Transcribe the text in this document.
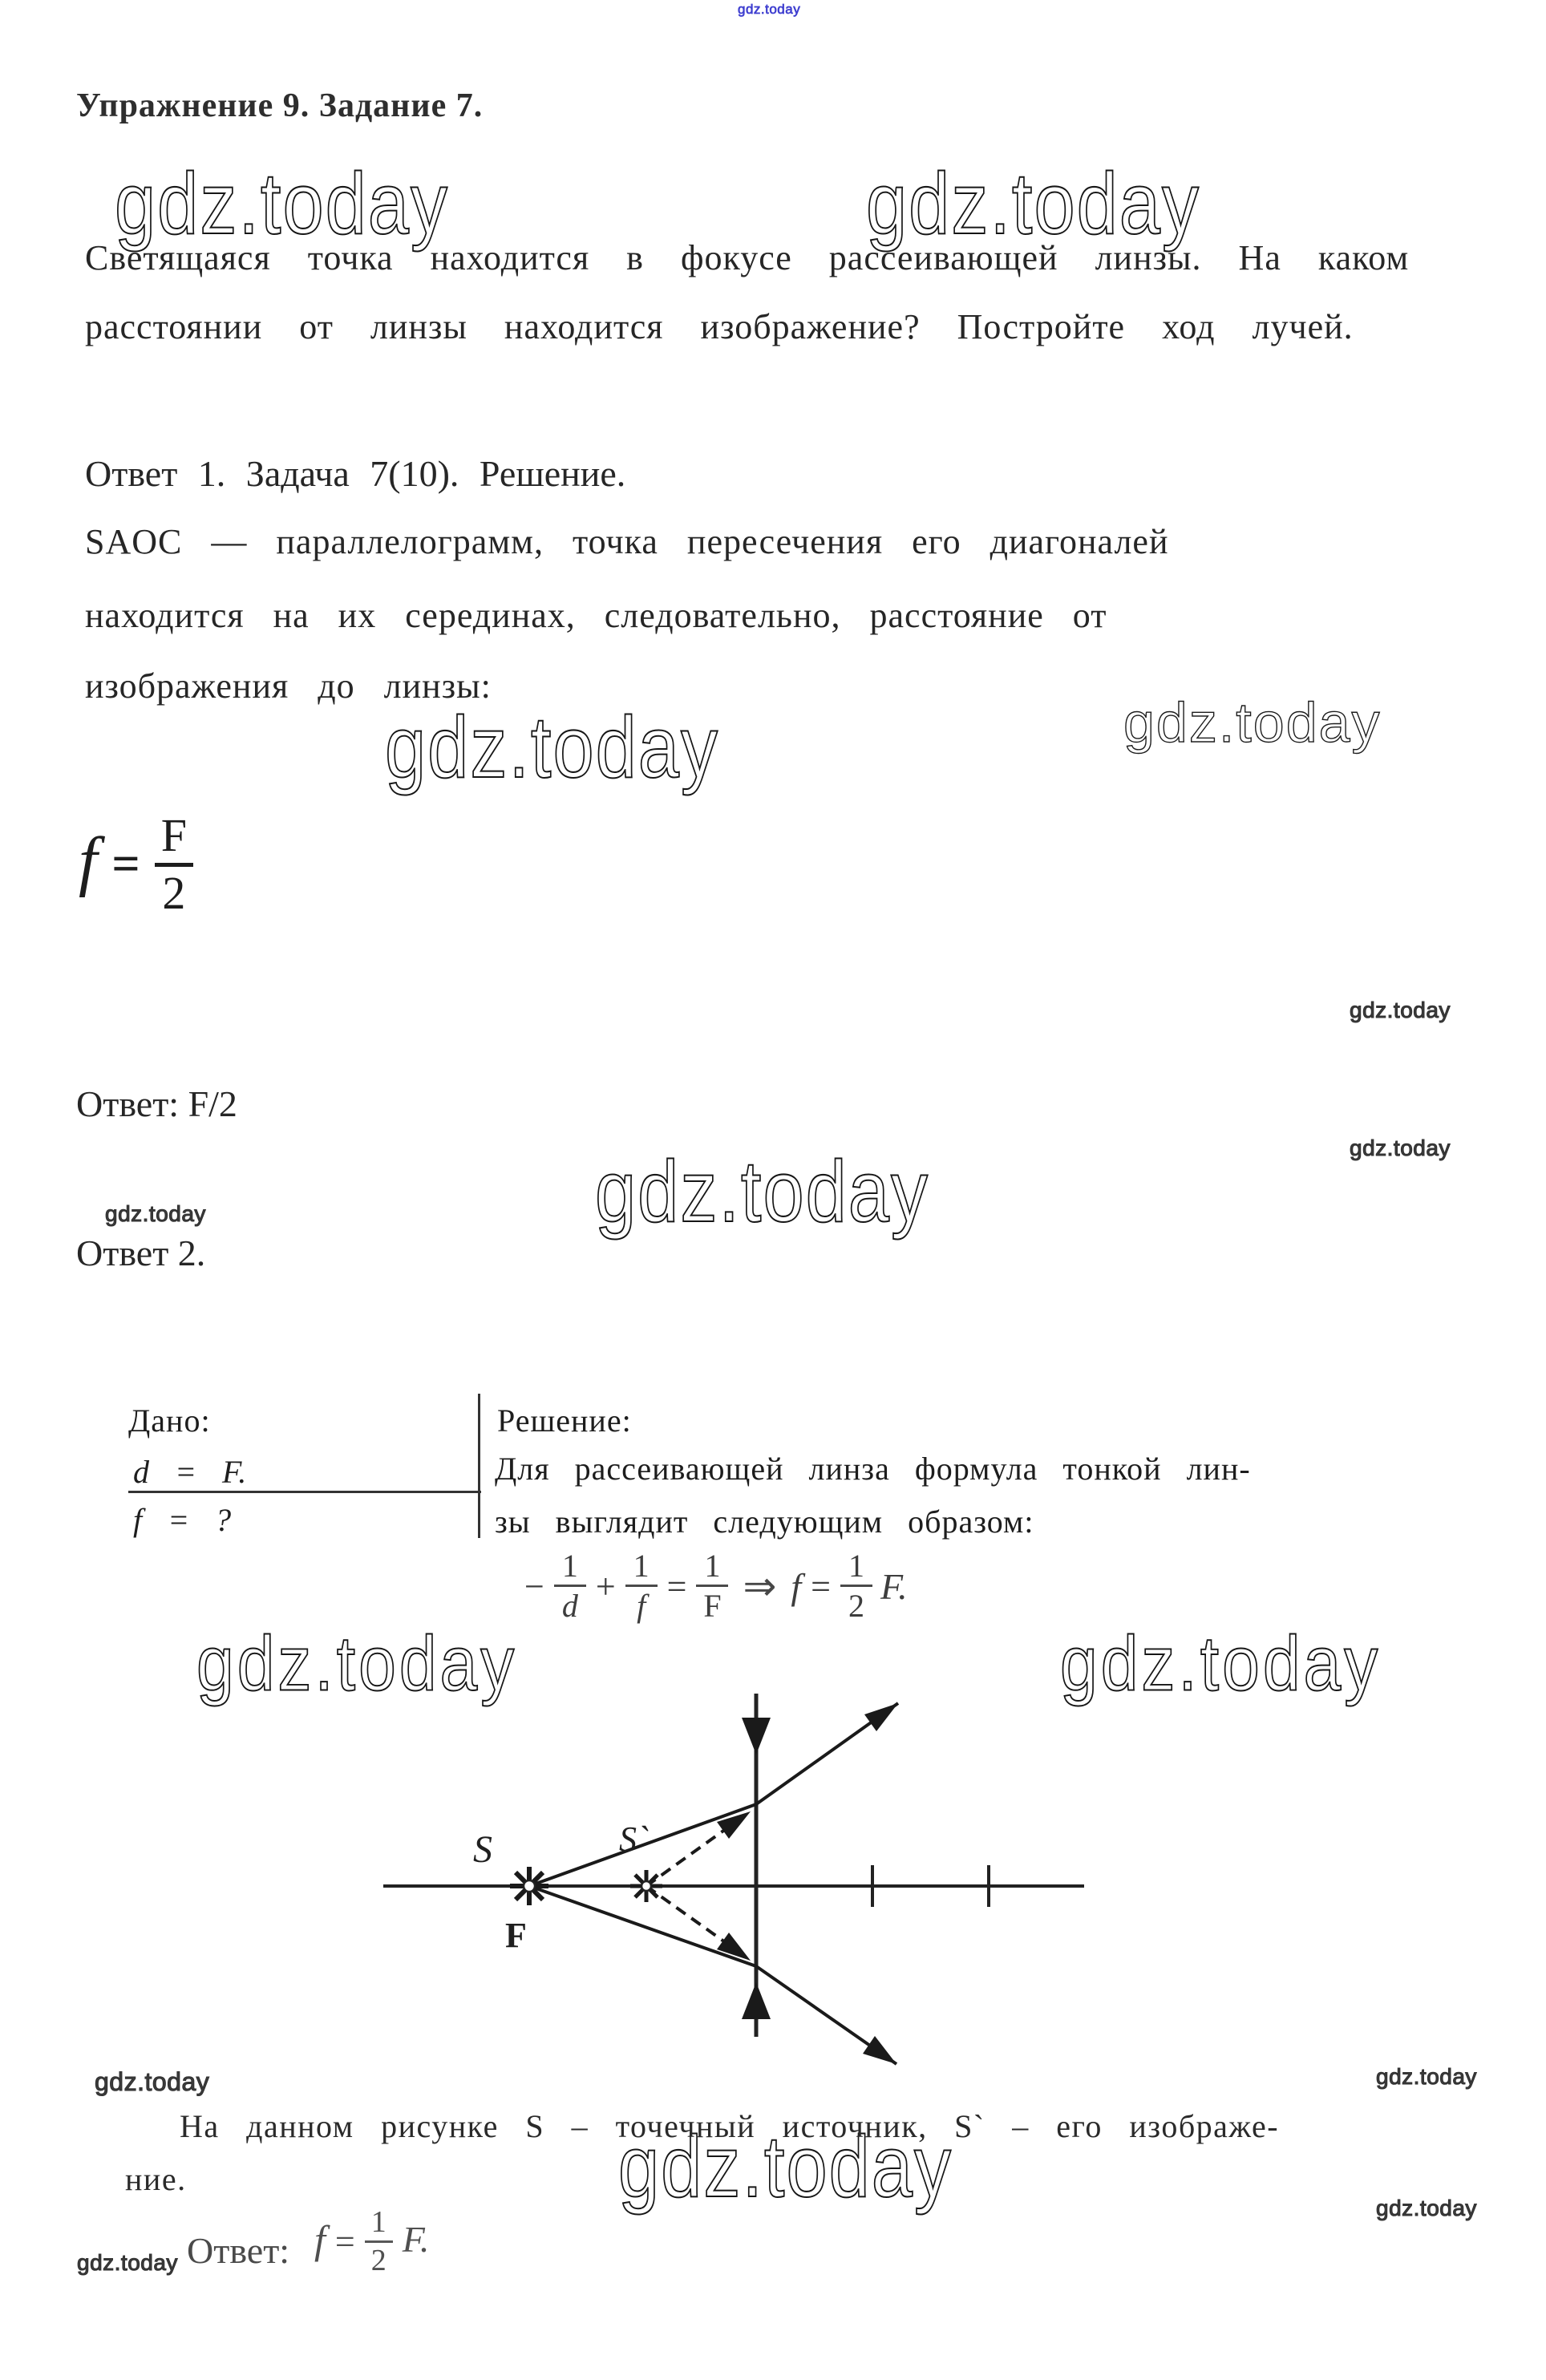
gdz.today
gdz.today	gdz.today
gdz.today	gdz.today
gdz.today
gdz.today
gdz.today
gdz.today
gdz.today	gdz.today
gdz.today	gdz.today
gdz.today	gdz.today
gdz.today
Упражнение 9. Задание 7.
Светящаяся точка находится в фокусе рассеивающей линзы. На каком
расстоянии от линзы находится изображение? Постройте ход лучей.
Ответ 1. Задача 7(10). Решение.
SAOC — параллелограмм, точка пересечения его диагоналей
находится на их серединах, следовательно, расстояние от
изображения до линзы:
$f = \frac{F}{2}$
Ответ: F/2
Ответ 2.
Дано:
d = F.
f = ?
Решение:
Для рассеивающей линза формула тонкой лин-
зы выглядит следующим образом:
− $\frac{1}{d} + \frac{1}{f} = \frac{1}{F}$ ⇒ $f = \frac{1}{2} F$.
S	S`
F
На данном рисунке S – точечный источник, S` – его изображе-
ние.
Ответ: $f = \frac{1}{2} F$.
